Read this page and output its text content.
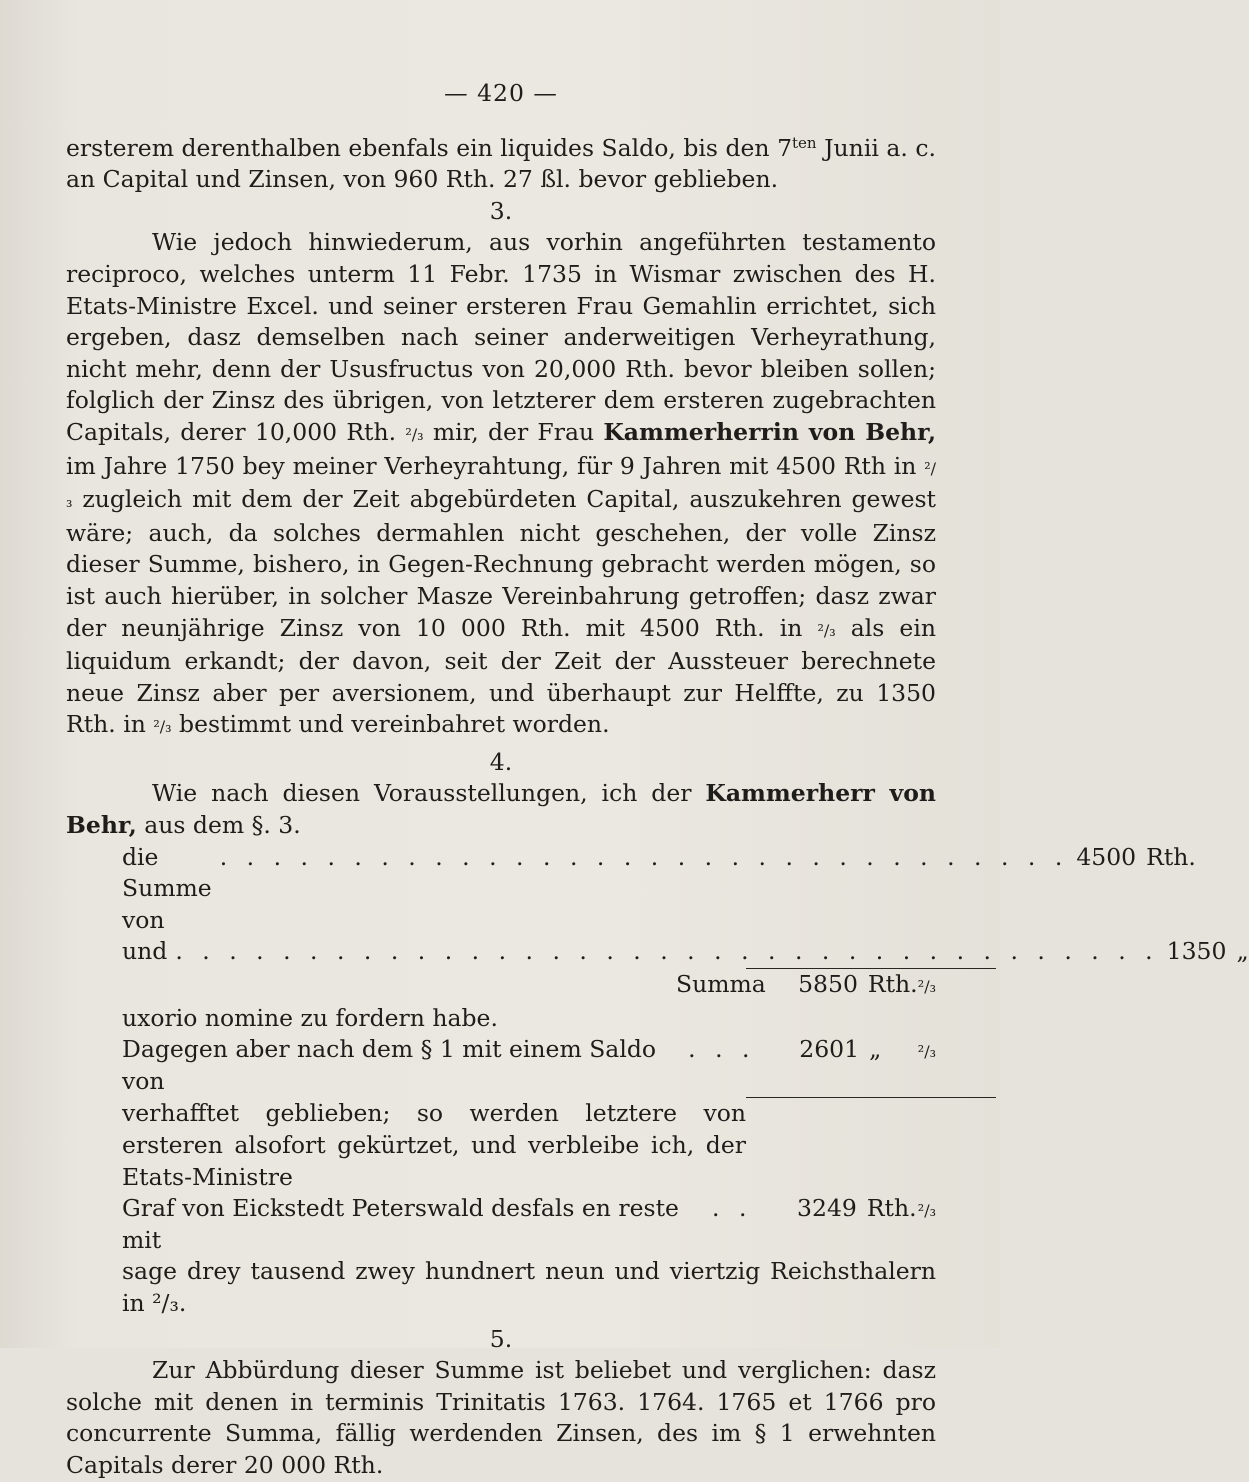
— 420 —

ersterem derenthalben ebenfals ein liquides Saldo, bis den $7^{ten}$ Junii a. c. an Capital und Zinsen, von 960 Rth. 27 ßl. bevor geblieben.

3.

Wie jedoch hinwiederum, aus vorhin angeführten testamento reciproco, welches unterm 11 Febr. 1735 in Wismar zwischen des H. Etats-Ministre Excel. und seiner ersteren Frau Gemahlin errichtet, sich ergeben, dasz demselben nach seiner anderweitigen Verheyrathung, nicht mehr, denn der Ususfructus von 20,000 Rth. bevor bleiben sollen; folglich der Zinsz des übrigen, von letzterer dem ersteren zugebrachten Capitals, derer 10,000 Rth. ²/₃ mir, der Frau Kammerherrin von Behr, im Jahre 1750 bey meiner Verheyrahtung, für 9 Jahren mit 4500 Rth in ²/₃ zugleich mit dem der Zeit abgebürdeten Capital, auszukehren gewest wäre; auch, da solches dermahlen nicht geschehen, der volle Zinsz dieser Summe, bishero, in Gegen-Rechnung gebracht werden mögen, so ist auch hierüber, in solcher Masze Vereinbahrung getroffen; dasz zwar der neunjährige Zinsz von 10 000 Rth. mit 4500 Rth. in ²/₃ als ein liquidum erkandt; der davon, seit der Zeit der Aussteuer berechnete neue Zinsz aber per aversionem, und überhaupt zur Helffte, zu 1350 Rth. in ²/₃ bestimmt und vereinbahret worden.

4.

Wie nach diesen Vorausstellungen, ich der Kammerherr von Behr, aus dem §. 3.

die Summe von
. . . . . . . . . . . . . . . . . . . . . . . . . . . . . . . . 4500 Rth.
und . . . . . . . . . . . . . . . . . . . . . . . . . . . . . . . . . . . . . 1350 „
Summa	5850 Rth. ²/₃

uxorio nomine zu fordern habe.

Dagegen aber nach dem § 1 mit einem Saldo von
. . .	2601 „	²/₃

verhafftet geblieben; so werden letztere von ersteren alsofort gekürtzet, und verbleibe ich, der Etats-Ministre

Graf von Eickstedt Peterswald desfals en reste mit
. .	3249 Rth. ²/₃

sage drey tausend zwey hundnert neun und viertzig Reichsthalern in ²/₃.

5.

Zur Abbürdung dieser Summe ist beliebet und verglichen: dasz solche mit denen in terminis Trinitatis 1763. 1764. 1765 et 1766 pro concurrente Summa, fällig werdenden Zinsen, des im § 1 erwehnten Capitals derer 20 000 Rth.
